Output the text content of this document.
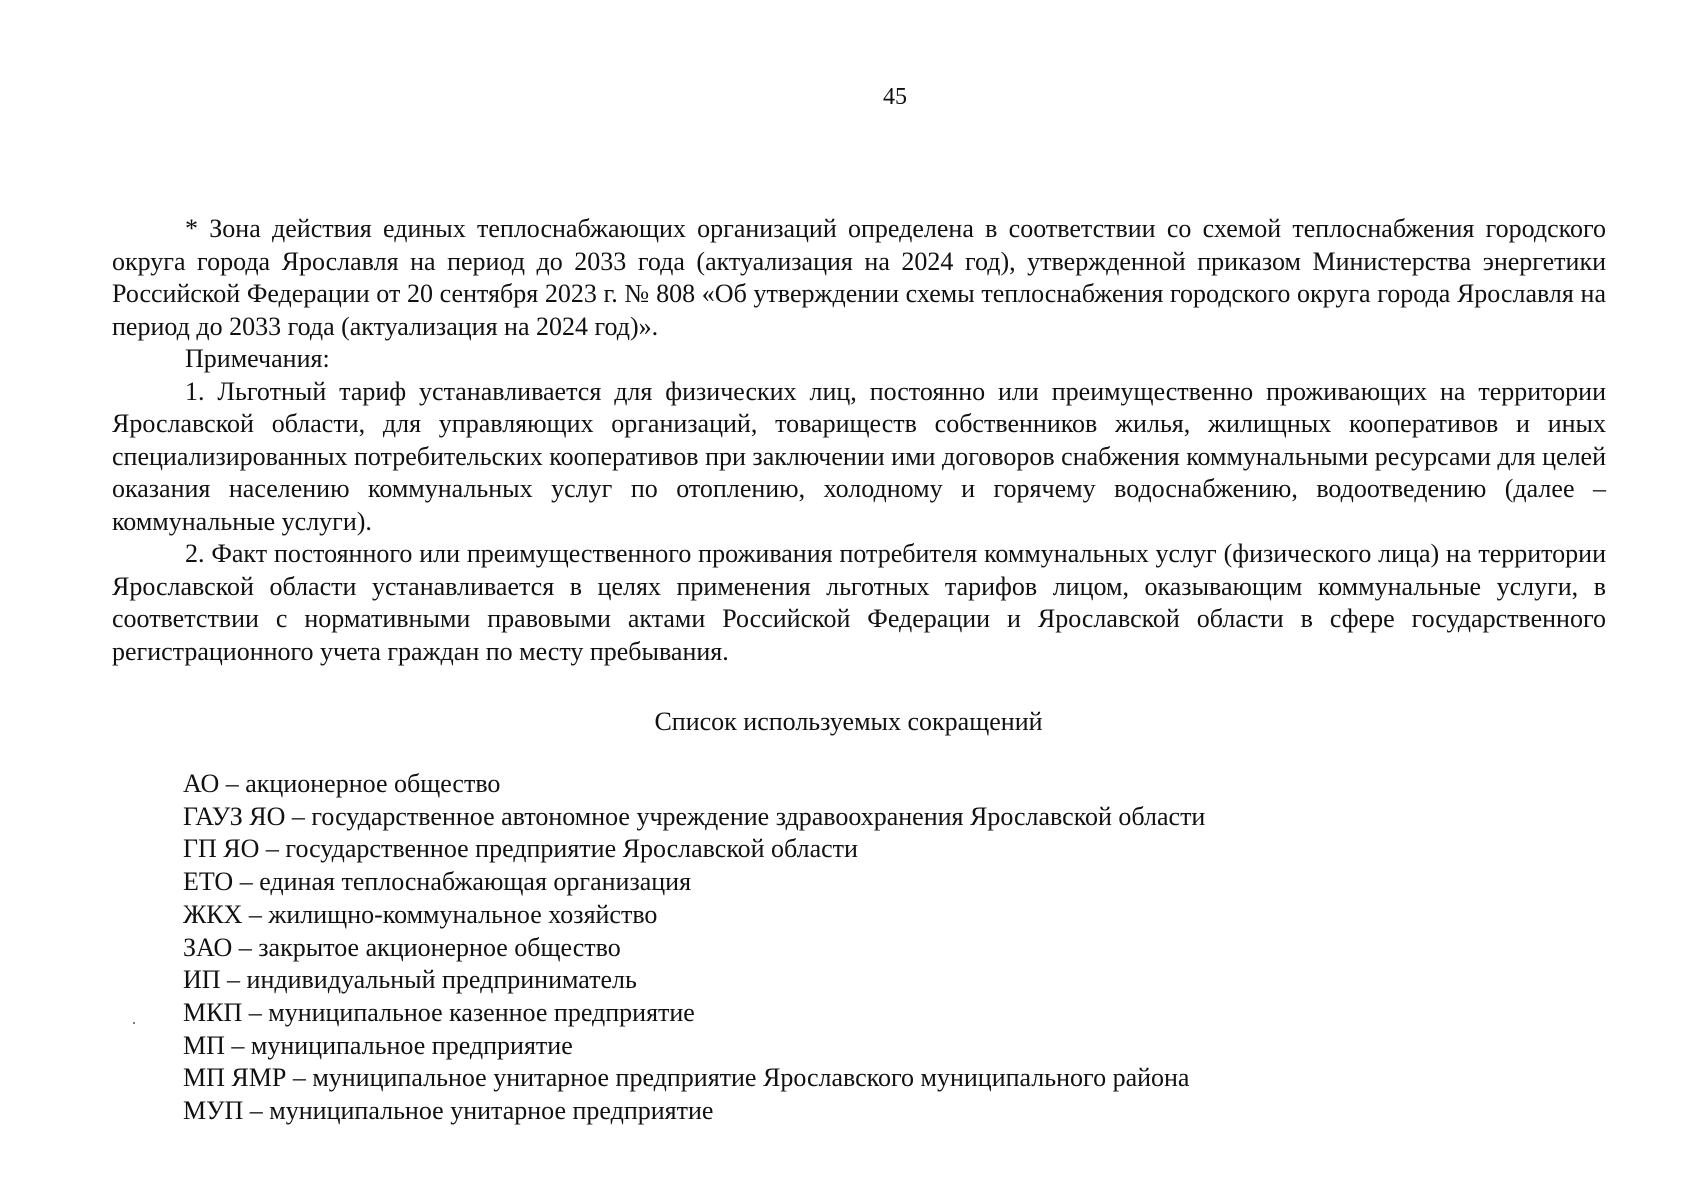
45

* Зона действия единых теплоснабжающих организаций определена в соответствии со схемой теплоснабжения городского округа города Ярославля на период до 2033 года (актуализация на 2024 год), утвержденной приказом Министерства энергетики Российской Федерации от 20 сентября 2023 г. № 808 «Об утверждении схемы теплоснабжения городского округа города Ярославля на период до 2033 года (актуализация на 2024 год)».

Примечания:

1. Льготный тариф устанавливается для физических лиц, постоянно или преимущественно проживающих на территории Ярославской области, для управляющих организаций, товариществ собственников жилья, жилищных кооперативов и иных специализированных потребительских кооперативов при заключении ими договоров снабжения коммунальными ресурсами для целей оказания населению коммунальных услуг по отоплению, холодному и горячему водоснабжению, водоотведению (далее – коммунальные услуги).

2. Факт постоянного или преимущественного проживания потребителя коммунальных услуг (физического лица) на территории Ярославской области устанавливается в целях применения льготных тарифов лицом, оказывающим коммунальные услуги, в соответствии с нормативными правовыми актами Российской Федерации и Ярославской области в сфере государственного регистрационного учета граждан по месту пребывания.

Список используемых сокращений
АО – акционерное общество
ГАУЗ ЯО – государственное автономное учреждение здравоохранения Ярославской области
ГП ЯО – государственное предприятие Ярославской области
ЕТО – единая теплоснабжающая организация
ЖКХ – жилищно-коммунальное хозяйство
ЗАО – закрытое акционерное общество
ИП – индивидуальный предприниматель
МКП – муниципальное казенное предприятие
МП – муниципальное предприятие
МП ЯМР – муниципальное унитарное предприятие Ярославского муниципального района
МУП – муниципальное унитарное предприятие
